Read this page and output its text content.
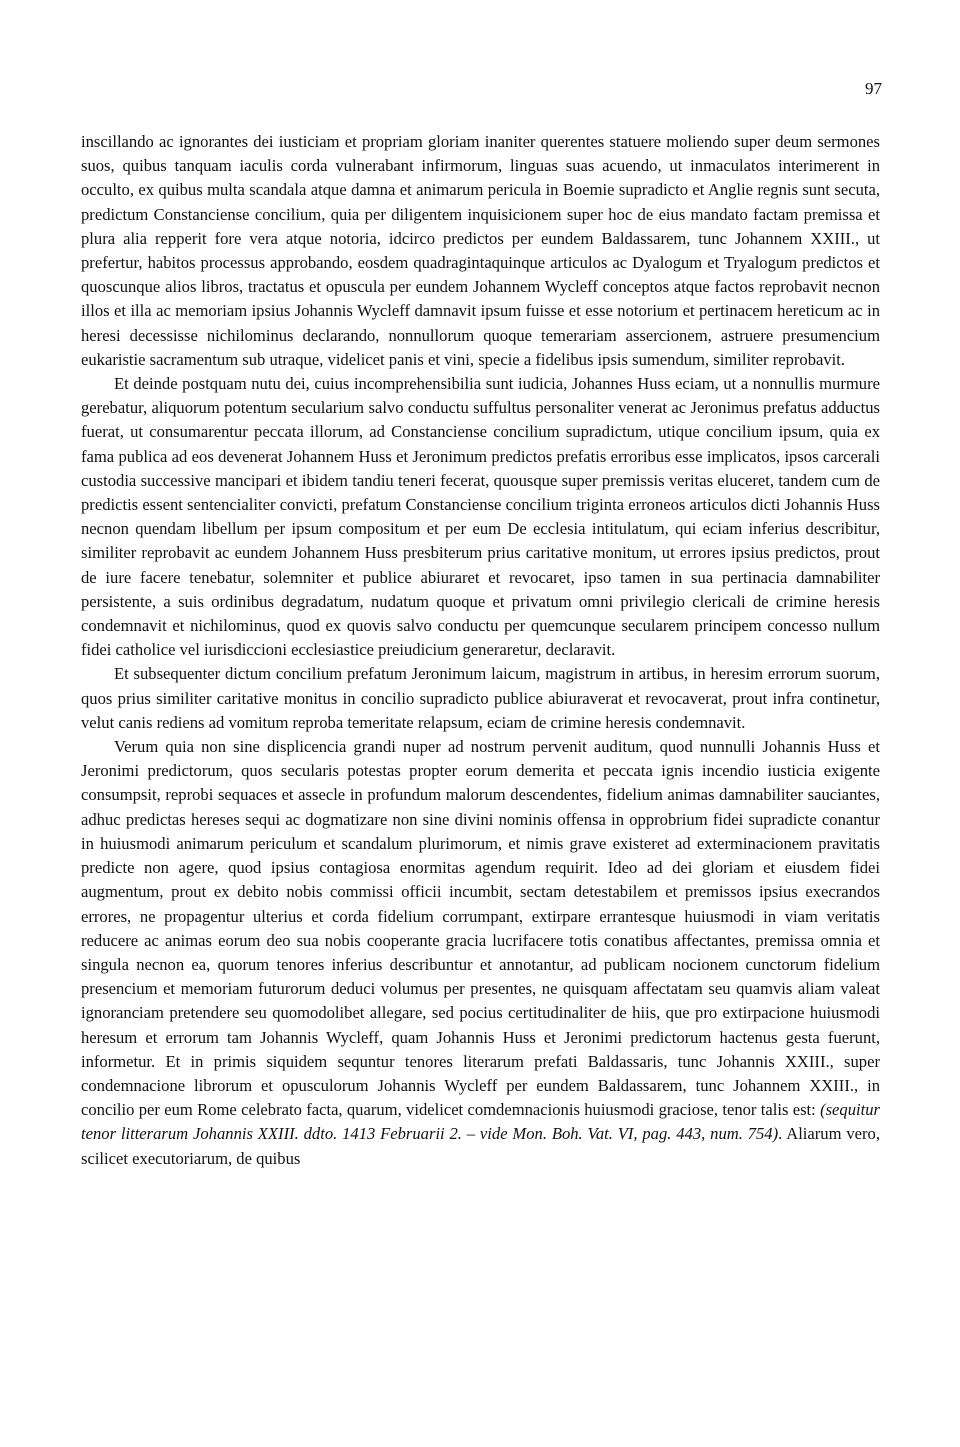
97

inscillando ac ignorantes dei iusticiam et propriam gloriam inaniter querentes statuere moliendo super deum sermones suos, quibus tanquam iaculis corda vulnerabant infirmorum, linguas suas acuendo, ut inmaculatos interimerent in occulto, ex quibus multa scandala atque damna et animarum pericula in Boemie supradicto et Anglie regnis sunt secuta, predictum Constanciense concilium, quia per diligentem inquisicionem super hoc de eius mandato factam premissa et plura alia repperit fore vera atque notoria, idcirco predictos per eundem Baldassarem, tunc Johannem XXIII., ut prefertur, habitos processus approbando, eosdem quadragintaquinque articulos ac Dyalogum et Tryalogum predictos et quoscunque alios libros, tractatus et opuscula per eundem Johannem Wycleff conceptos atque factos reprobavit necnon illos et illa ac memoriam ipsius Johannis Wycleff damnavit ipsum fuisse et esse notorium et pertinacem hereticum ac in heresi decessisse nichilominus declarando, nonnullorum quoque temerariam assercionem, astruere presumencium eukaristie sacramentum sub utraque, videlicet panis et vini, specie a fidelibus ipsis sumendum, similiter reprobavit.

Et deinde postquam nutu dei, cuius incomprehensibilia sunt iudicia, Johannes Huss eciam, ut a nonnullis murmure gerebatur, aliquorum potentum secularium salvo conductu suffultus personaliter venerat ac Jeronimus prefatus adductus fuerat, ut consumarentur peccata illorum, ad Constanciense concilium supradictum, utique concilium ipsum, quia ex fama publica ad eos devenerat Johannem Huss et Jeronimum predictos prefatis erroribus esse implicatos, ipsos carcerali custodia successive mancipari et ibidem tandiu teneri fecerat, quousque super premissis veritas eluceret, tandem cum de predictis essent sentencialiter convicti, prefatum Constanciense concilium triginta erroneos articulos dicti Johannis Huss necnon quendam libellum per ipsum compositum et per eum De ecclesia intitulatum, qui eciam inferius describitur, similiter reprobavit ac eundem Johannem Huss presbiterum prius caritative monitum, ut errores ipsius predictos, prout de iure facere tenebatur, solemniter et publice abiuraret et revocaret, ipso tamen in sua pertinacia damnabiliter persistente, a suis ordinibus degradatum, nudatum quoque et privatum omni privilegio clericali de crimine heresis condemnavit et nichilominus, quod ex quovis salvo conductu per quemcunque secularem principem concesso nullum fidei catholice vel iurisdiccioni ecclesiastice preiudicium generaretur, declaravit.

Et subsequenter dictum concilium prefatum Jeronimum laicum, magistrum in artibus, in heresim errorum suorum, quos prius similiter caritative monitus in concilio supradicto publice abiuraverat et revocaverat, prout infra continetur, velut canis rediens ad vomitum reproba temeritate relapsum, eciam de crimine heresis condemnavit.

Verum quia non sine displicencia grandi nuper ad nostrum pervenit auditum, quod nunnulli Johannis Huss et Jeronimi predictorum, quos secularis potestas propter eorum demerita et peccata ignis incendio iusticia exigente consumpsit, reprobi sequaces et assecle in profundum malorum descendentes, fidelium animas damnabiliter sauciantes, adhuc predictas hereses sequi ac dogmatizare non sine divini nominis offensa in opprobrium fidei supradicte conantur in huiusmodi animarum periculum et scandalum plurimorum, et nimis grave existeret ad exterminacionem pravitatis predicte non agere, quod ipsius contagiosa enormitas agendum requirit. Ideo ad dei gloriam et eiusdem fidei augmentum, prout ex debito nobis commissi officii incumbit, sectam detestabilem et premissos ipsius execrandos errores, ne propagentur ulterius et corda fidelium corrumpant, extirpare errantesque huiusmodi in viam veritatis reducere ac animas eorum deo sua nobis cooperante gracia lucrifacere totis conatibus affectantes, premissa omnia et singula necnon ea, quorum tenores inferius describuntur et annotantur, ad publicam nocionem cunctorum fidelium presencium et memoriam futurorum deduci volumus per presentes, ne quisquam affectatam seu quamvis aliam valeat ignoranciam pretendere seu quomodolibet allegare, sed pocius certitudinaliter de hiis, que pro extirpacione huiusmodi heresum et errorum tam Johannis Wycleff, quam Johannis Huss et Jeronimi predictorum hactenus gesta fuerunt, informetur. Et in primis siquidem sequntur tenores literarum prefati Baldassaris, tunc Johannis XXIII., super condemnacione librorum et opusculorum Johannis Wycleff per eundem Baldassarem, tunc Johannem XXIII., in concilio per eum Rome celebrato facta, quarum, videlicet comdemnacionis huiusmodi graciose, tenor talis est: (sequitur tenor litterarum Johannis XXIII. ddto. 1413 Februarii 2. – vide Mon. Boh. Vat. VI, pag. 443, num. 754). Aliarum vero, scilicet executoriarum, de quibus
